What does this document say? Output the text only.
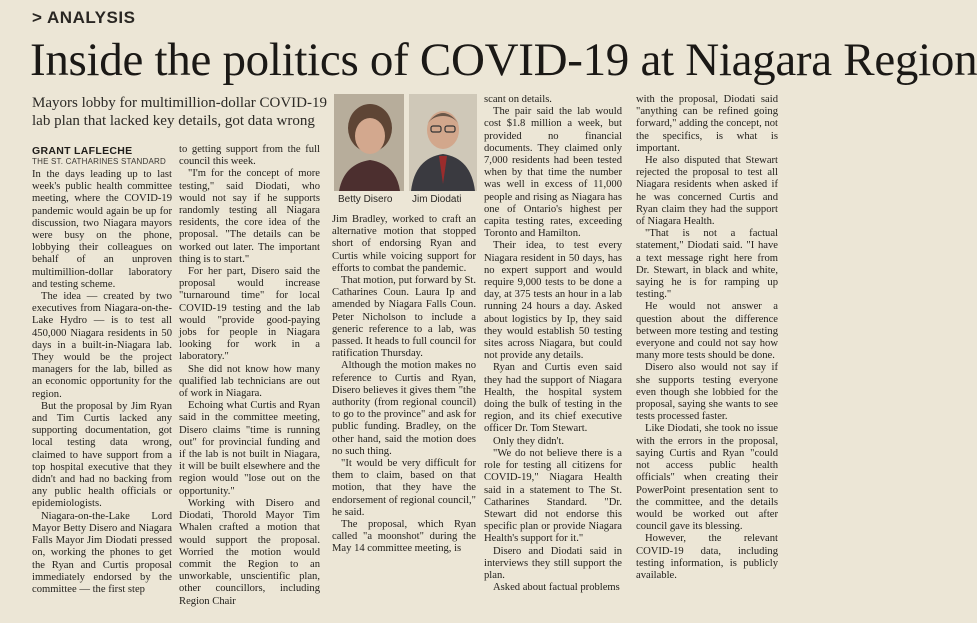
> ANALYSIS
Inside the politics of COVID-19 at Niagara Region
Mayors lobby for multimillion-dollar COVID-19 lab plan that lacked key details, got data wrong
GRANT LAFLECHE
THE ST. CATHARINES STANDARD
Betty Disero Jim Diodati

In the days leading up to last week's public health committee meeting, where the COVID-19 pandemic would again be up for discussion, two Niagara mayors were busy on the phone, lobbying their colleagues on behalf of an unproven multimillion-dollar laboratory and testing scheme.

The idea — created by two executives from Niagara-on-the-Lake Hydro — is to test all 450,000 Niagara residents in 50 days in a built-in-Niagara lab. They would be the project managers for the lab, billed as an economic opportunity for the region.

But the proposal by Jim Ryan and Tim Curtis lacked any supporting documentation, got local testing data wrong, claimed to have support from a top hospital executive that they didn't and had no backing from any public health officials or epidemiologists.

Niagara-on-the-Lake Lord Mayor Betty Disero and Niagara Falls Mayor Jim Diodati pressed on, working the phones to get the Ryan and Curtis proposal immediately endorsed by the committee — the first step

to getting support from the full council this week.

"I'm for the concept of more testing," said Diodati, who would not say if he supports randomly testing all Niagara residents, the core idea of the proposal. "The details can be worked out later. The important thing is to start."

For her part, Disero said the proposal would increase "turnaround time" for local COVID-19 testing and the lab would "provide good-paying jobs for people in Niagara looking for work in a laboratory."

She did not know how many qualified lab technicians are out of work in Niagara.

Echoing what Curtis and Ryan said in the committee meeting, Disero claims "time is running out" for provincial funding and if the lab is not built in Niagara, it will be built elsewhere and the region would "lose out on the opportunity."

Working with Disero and Diodati, Thorold Mayor Tim Whalen crafted a motion that would support the proposal. Worried the motion would commit the Region to an unworkable, unscientific plan, other councillors, including Region Chair

Jim Bradley, worked to craft an alternative motion that stopped short of endorsing Ryan and Curtis while voicing support for efforts to combat the pandemic.

That motion, put forward by St. Catharines Coun. Laura Ip and amended by Niagara Falls Coun. Peter Nicholson to include a generic reference to a lab, was passed. It heads to full council for ratification Thursday.

Although the motion makes no reference to Curtis and Ryan, Disero believes it gives them "the authority (from regional council) to go to the province" and ask for public funding. Bradley, on the other hand, said the motion does no such thing.

"It would be very difficult for them to claim, based on that motion, that they have the endorsement of regional council," he said.

The proposal, which Ryan called "a moonshot" during the May 14 committee meeting, is

scant on details.

The pair said the lab would cost $1.8 million a week, but provided no financial documents. They claimed only 7,000 residents had been tested when by that time the number was well in excess of 11,000 people and rising as Niagara has one of Ontario's highest per capita testing rates, exceeding Toronto and Hamilton.

Their idea, to test every Niagara resident in 50 days, has no expert support and would require 9,000 tests to be done a day, at 375 tests an hour in a lab running 24 hours a day. Asked about logistics by Ip, they said they would establish 50 testing sites across Niagara, but could not provide any details.

Ryan and Curtis even said they had the support of Niagara Health, the hospital system doing the bulk of testing in the region, and its chief executive officer Dr. Tom Stewart.

Only they didn't.

"We do not believe there is a role for testing all citizens for COVID-19," Niagara Health said in a statement to The St. Catharines Standard. "Dr. Stewart did not endorse this specific plan or provide Niagara Health's support for it."

Disero and Diodati said in interviews they still support the plan.

Asked about factual problems

with the proposal, Diodati said "anything can be refined going forward," adding the concept, not the specifics, is what is important.

He also disputed that Stewart rejected the proposal to test all Niagara residents when asked if he was concerned Curtis and Ryan claim they had the support of Niagara Health.

"That is not a factual statement," Diodati said. "I have a text message right here from Dr. Stewart, in black and white, saying he is for ramping up testing."

He would not answer a question about the difference between more testing and testing everyone and could not say how many more tests should be done.

Disero also would not say if she supports testing everyone even though she lobbied for the proposal, saying she wants to see tests processed faster.

Like Diodati, she took no issue with the errors in the proposal, saying Curtis and Ryan "could not access public health officials" when creating their PowerPoint presentation sent to the committee, and the details would be worked out after council gave its blessing.

However, the relevant COVID-19 data, including testing information, is publicly available.
